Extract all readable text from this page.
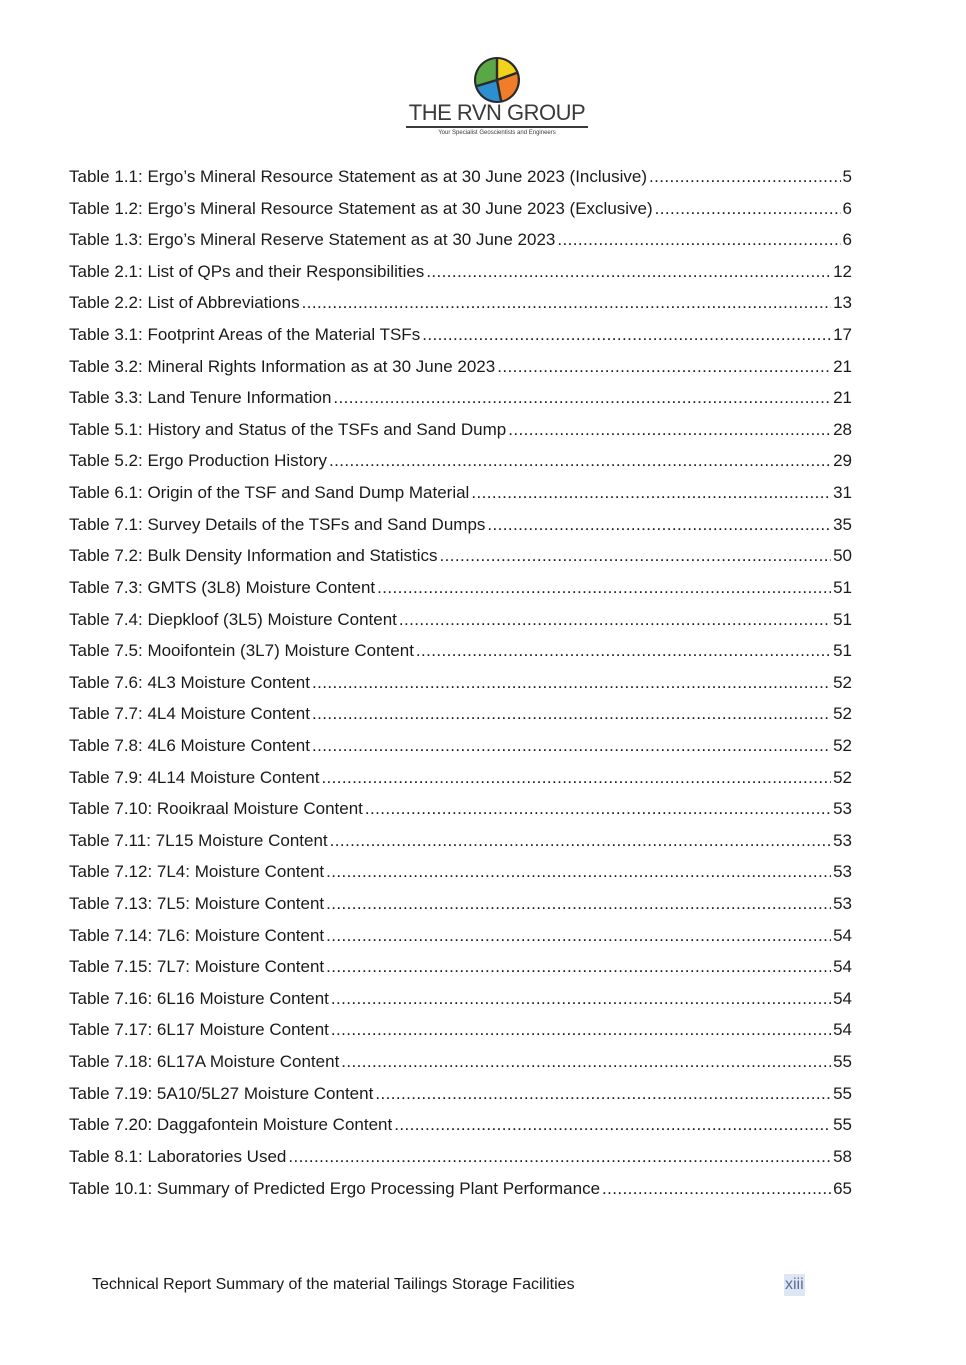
THE RVN GROUP
Your Specialist Geoscientists and Engineers
Table 1.1: Ergo’s Mineral Resource Statement as at 30 June 2023 (Inclusive) .....	5
Table 1.2: Ergo’s Mineral Resource Statement as at 30 June 2023 (Exclusive) .....	6
Table 1.3: Ergo’s Mineral Reserve Statement as at 30 June 2023 .....	6
Table 2.1: List of QPs and their Responsibilities .....	12
Table 2.2: List of Abbreviations .....	13
Table 3.1: Footprint Areas of the Material TSFs .....	17
Table 3.2: Mineral Rights Information as at 30 June 2023 .....	21
Table 3.3: Land Tenure Information .....	21
Table 5.1: History and Status of the TSFs and Sand Dump .....	28
Table 5.2: Ergo Production History .....	29
Table 6.1: Origin of the TSF and Sand Dump Material .....	31
Table 7.1: Survey Details of the TSFs and Sand Dumps .....	35
Table 7.2: Bulk Density Information and Statistics .....	50
Table 7.3: GMTS (3L8) Moisture Content .....	51
Table 7.4: Diepkloof (3L5) Moisture Content .....	51
Table 7.5: Mooifontein (3L7) Moisture Content .....	51
Table 7.6: 4L3 Moisture Content .....	52
Table 7.7: 4L4 Moisture Content .....	52
Table 7.8: 4L6 Moisture Content .....	52
Table 7.9: 4L14 Moisture Content .....	52
Table 7.10: Rooikraal Moisture Content .....	53
Table 7.11: 7L15 Moisture Content .....	53
Table 7.12: 7L4: Moisture Content .....	53
Table 7.13: 7L5: Moisture Content .....	53
Table 7.14: 7L6: Moisture Content .....	54
Table 7.15: 7L7: Moisture Content .....	54
Table 7.16: 6L16 Moisture Content .....	54
Table 7.17: 6L17 Moisture Content .....	54
Table 7.18: 6L17A Moisture Content .....	55
Table 7.19: 5A10/5L27 Moisture Content .....	55
Table 7.20: Daggafontein Moisture Content .....	55
Table 8.1: Laboratories Used .....	58
Table 10.1: Summary of Predicted Ergo Processing Plant Performance .....	65
Technical Report Summary of the material Tailings Storage Facilities	xiii
